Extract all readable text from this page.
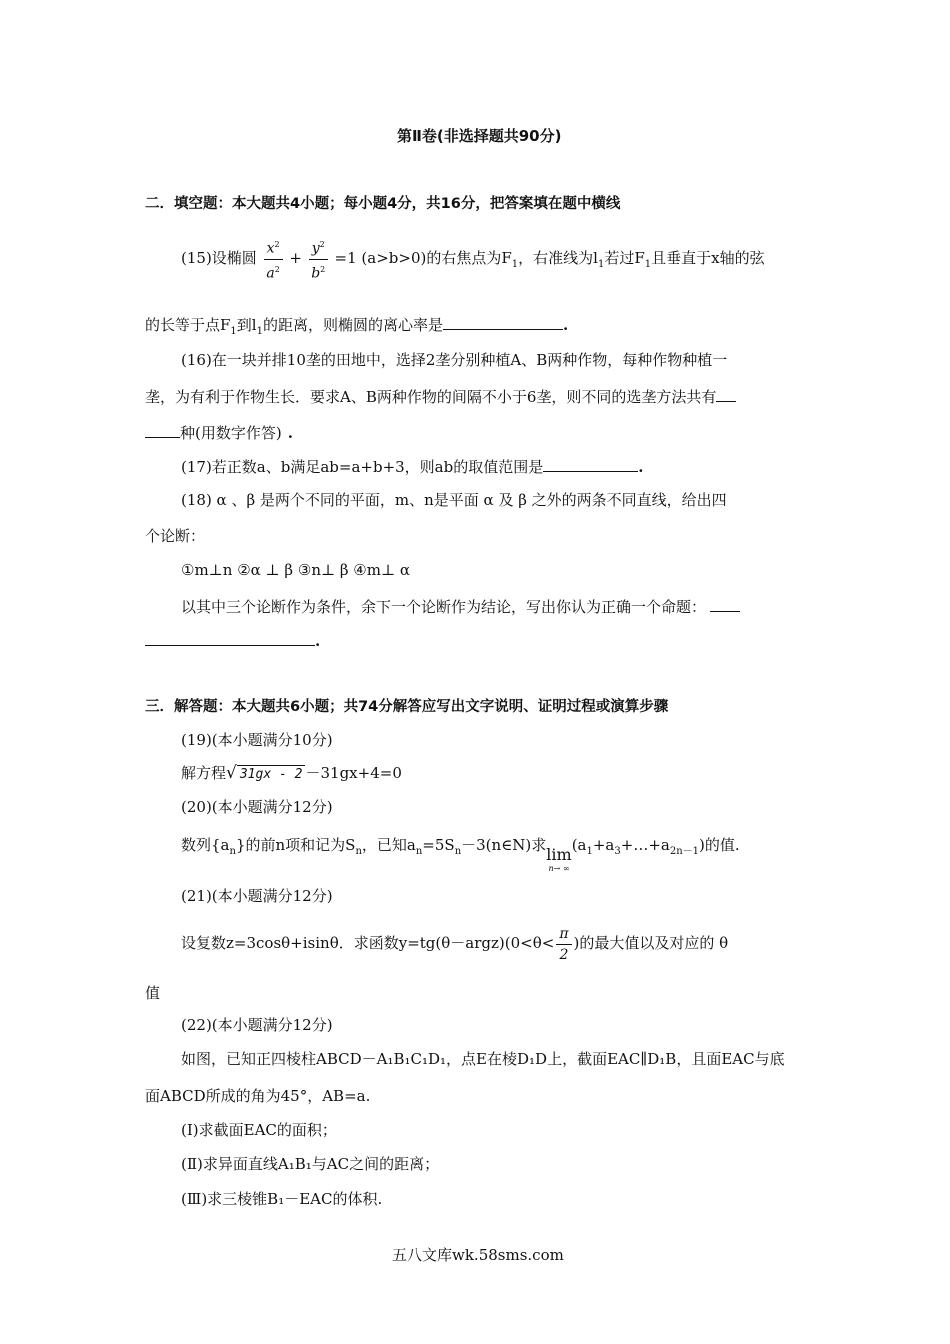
第Ⅱ卷(非选择题共90分)
二．填空题：本大题共4小题；每小题4分，共16分，把答案填在题中横线
(15)设椭圆 $\frac{x^2}{a^2} + \frac{y^2}{b^2} =1$ (a>b>0)的右焦点为$F_1$，右准线为$l_1$若过$F_1$且垂直于x轴的弦
的长等于点$F_1$到$l_1$的距离，则椭圆的离心率是	.
(16)在一块并排10垄的田地中，选择2垄分别种植A、B两种作物，每种作物种植一
垄，为有利于作物生长．要求A、B两种作物的间隔不小于6垄，则不同的选垄方法共有
种(用数字作答) .
(17)若正数a、b满足ab=a+b+3，则ab的取值范围是	.
(18) α 、β 是两个不同的平面，m、n是平面 α 及 β 之外的两条不同直线，给出四
个论断：
①m⊥n ②α ⊥ β ③n⊥ β ④m⊥ α
以其中三个论断作为条件，余下一个论断作为结论，写出你认为正确一个命题：
.
三．解答题：本大题共6小题；共74分解答应写出文字说明、证明过程或演算步骤
(19)(本小题满分10分)
解方程√ 31gx - 2 －31gx+4=0
(20)(本小题满分12分)
数列$\{a_n\}$的前n项和记为$S_n$，已知$a_n=5S_n-3(n\in N)$求 lim
n→ ∞
$(a_1+a_3+\dots+a_{2n-1})$的值.
(21)(本小题满分12分)
设复数z=3cosθ+isinθ．求函数y=tg(θ－argz)(0<θ< $\frac{\pi}{2}$ )的最大值以及对应的 θ
值
(22)(本小题满分12分)
如图，已知正四棱柱ABCD－A₁B₁C₁D₁，点E在棱D₁D上，截面EAC∥D₁B，且面EAC与底
面ABCD所成的角为45°，AB=a.
(Ⅰ)求截面EAC的面积；
(Ⅱ)求异面直线A₁B₁与AC之间的距离；
(Ⅲ)求三棱锥B₁－EAC的体积.
五八文库wk.58sms.com
